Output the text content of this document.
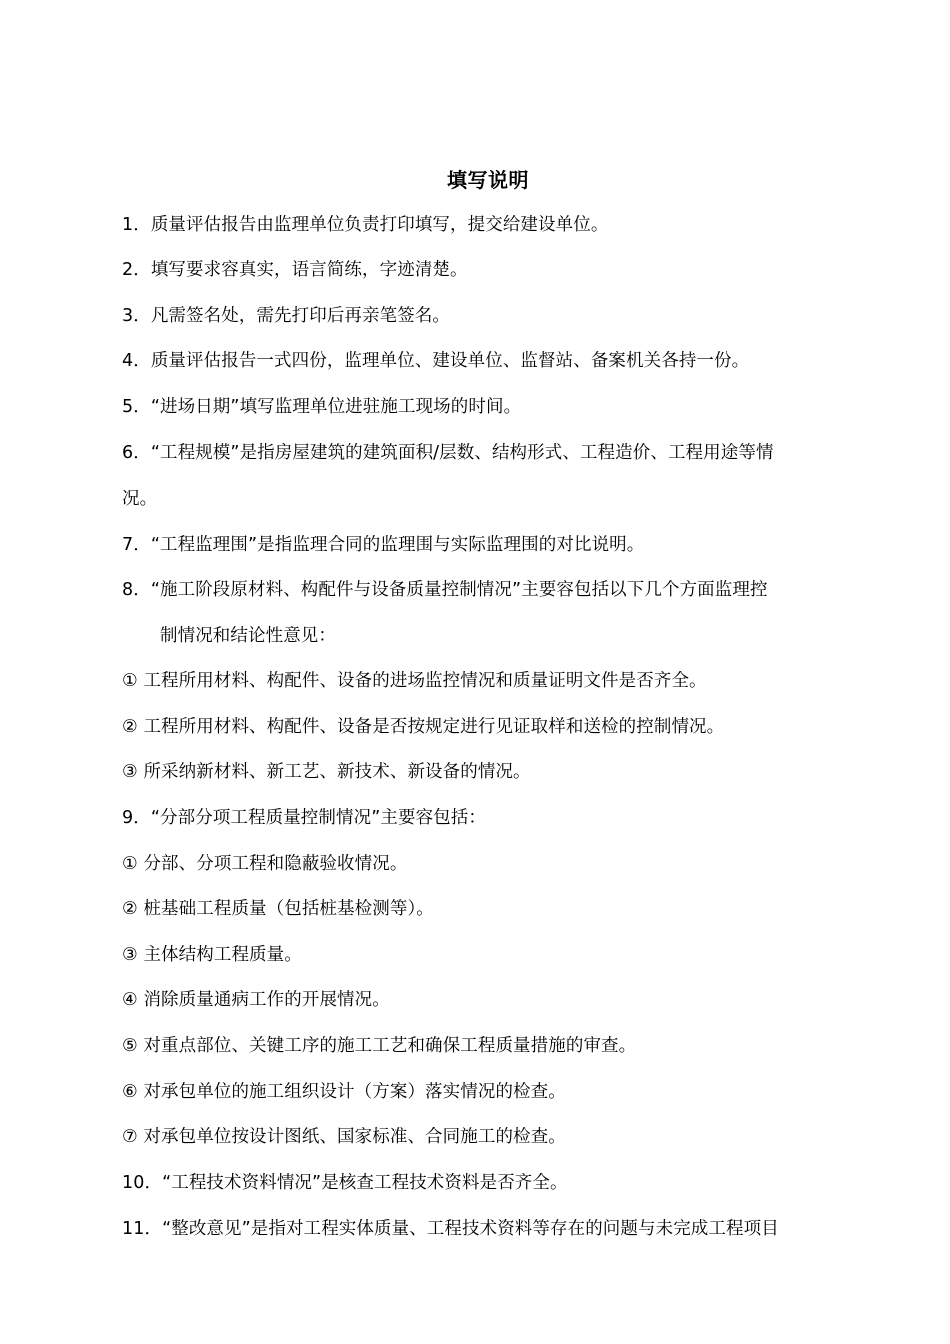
填写说明
1．质量评估报告由监理单位负责打印填写，提交给建设单位。
2．填写要求容真实，语言简练，字迹清楚。
3．凡需签名处，需先打印后再亲笔签名。
4．质量评估报告一式四份，监理单位、建设单位、监督站、备案机关各持一份。
5．“进场日期”填写监理单位进驻施工现场的时间。
6．“工程规模”是指房屋建筑的建筑面积/层数、结构形式、工程造价、工程用途等情
况。
7．“工程监理围”是指监理合同的监理围与实际监理围的对比说明。
8．“施工阶段原材料、构配件与设备质量控制情况”主要容包括以下几个方面监理控
制情况和结论性意见：
① 工程所用材料、构配件、设备的进场监控情况和质量证明文件是否齐全。
② 工程所用材料、构配件、设备是否按规定进行见证取样和送检的控制情况。
③ 所采纳新材料、新工艺、新技术、新设备的情况。
9．“分部分项工程质量控制情况”主要容包括：
① 分部、分项工程和隐蔽验收情况。
② 桩基础工程质量（包括桩基检测等）。
③ 主体结构工程质量。
④ 消除质量通病工作的开展情况。
⑤ 对重点部位、关键工序的施工工艺和确保工程质量措施的审查。
⑥ 对承包单位的施工组织设计（方案）落实情况的检查。
⑦ 对承包单位按设计图纸、国家标准、合同施工的检查。
10．“工程技术资料情况”是核查工程技术资料是否齐全。
11．“整改意见”是指对工程实体质量、工程技术资料等存在的问题与未完成工程项目
